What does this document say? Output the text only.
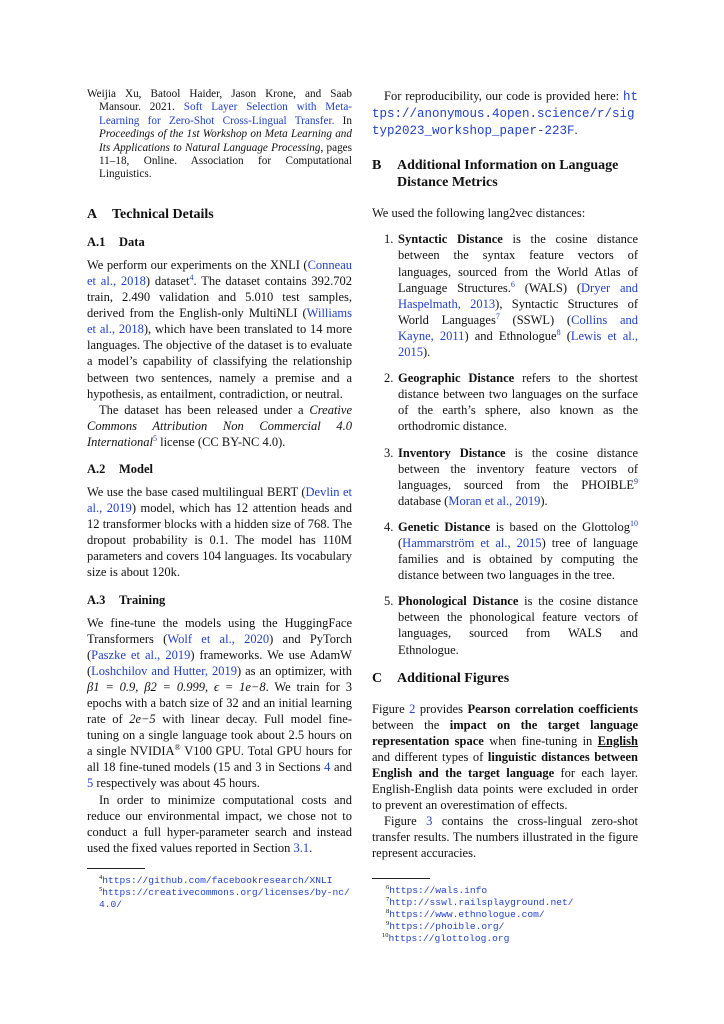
Weijia Xu, Batool Haider, Jason Krone, and Saab Mansour. 2021. Soft Layer Selection with Meta-Learning for Zero-Shot Cross-Lingual Transfer. In Proceedings of the 1st Workshop on Meta Learning and Its Applications to Natural Language Processing, pages 11–18, Online. Association for Computational Linguistics.

A Technical Details
A.1 Data

We perform our experiments on the XNLI (Conneau et al., 2018) dataset$^4$. The dataset contains 392.702 train, 2.490 validation and 5.010 test samples, derived from the English-only MultiNLI (Williams et al., 2018), which have been translated to 14 more languages. The objective of the dataset is to evaluate a model’s capability of classifying the relationship between two sentences, namely a premise and a hypothesis, as entailment, contradiction, or neutral.

The dataset has been released under a Creative Commons Attribution Non Commercial 4.0 International$^5$ license (CC BY-NC 4.0).

A.2 Model

We use the base cased multilingual BERT (Devlin et al., 2019) model, which has 12 attention heads and 12 transformer blocks with a hidden size of 768. The dropout probability is 0.1. The model has 110M parameters and covers 104 languages. Its vocabulary size is about 120k.

A.3 Training

We fine-tune the models using the HuggingFace Transformers (Wolf et al., 2020) and PyTorch (Paszke et al., 2019) frameworks. We use AdamW (Loshchilov and Hutter, 2019) as an optimizer, with β1 = 0.9, β2 = 0.999, ϵ = 1e−8. We train for 3 epochs with a batch size of 32 and an initial learning rate of 2e−5 with linear decay. Full model fine-tuning on a single language took about 2.5 hours on a single NVIDIA® V100 GPU. Total GPU hours for all 18 fine-tuned models (15 and 3 in Sections 4 and 5 respectively was about 45 hours.

In order to minimize computational costs and reduce our environmental impact, we chose not to conduct a full hyper-parameter search and instead used the fixed values reported in Section 3.1.

$^4$https://github.com/facebookresearch/XNLI

$^5$https://creativecommons.org/licenses/by-nc/4.0/

For reproducibility, our code is provided here: https://anonymous.4open.science/r/sigtyp2023_workshop_paper-223F.

B Additional Information on Language Distance Metrics

We used the following lang2vec distances:

1. Syntactic Distance is the cosine distance between the syntax feature vectors of languages, sourced from the World Atlas of Language Structures.$^6$ (WALS) (Dryer and Haspelmath, 2013), Syntactic Structures of World Languages$^7$ (SSWL) (Collins and Kayne, 2011) and Ethnologue$^8$ (Lewis et al., 2015).
2. Geographic Distance refers to the shortest distance between two languages on the surface of the earth’s sphere, also known as the orthodromic distance.
3. Inventory Distance is the cosine distance between the inventory feature vectors of languages, sourced from the PHOIBLE$^9$ database (Moran et al., 2019).
4. Genetic Distance is based on the Glottolog$^{10}$ (Hammarström et al., 2015) tree of language families and is obtained by computing the distance between two languages in the tree.
5. Phonological Distance is the cosine distance between the phonological feature vectors of languages, sourced from WALS and Ethnologue.
C Additional Figures

Figure 2 provides Pearson correlation coefficients between the impact on the target language representation space when fine-tuning in English and different types of linguistic distances between English and the target language for each layer. English-English data points were excluded in order to prevent an overestimation of effects.

Figure 3 contains the cross-lingual zero-shot transfer results. The numbers illustrated in the figure represent accuracies.

$^6$https://wals.info

$^7$http://sswl.railsplayground.net/

$^8$https://www.ethnologue.com/

$^9$https://phoible.org/

$^{10}$https://glottolog.org
